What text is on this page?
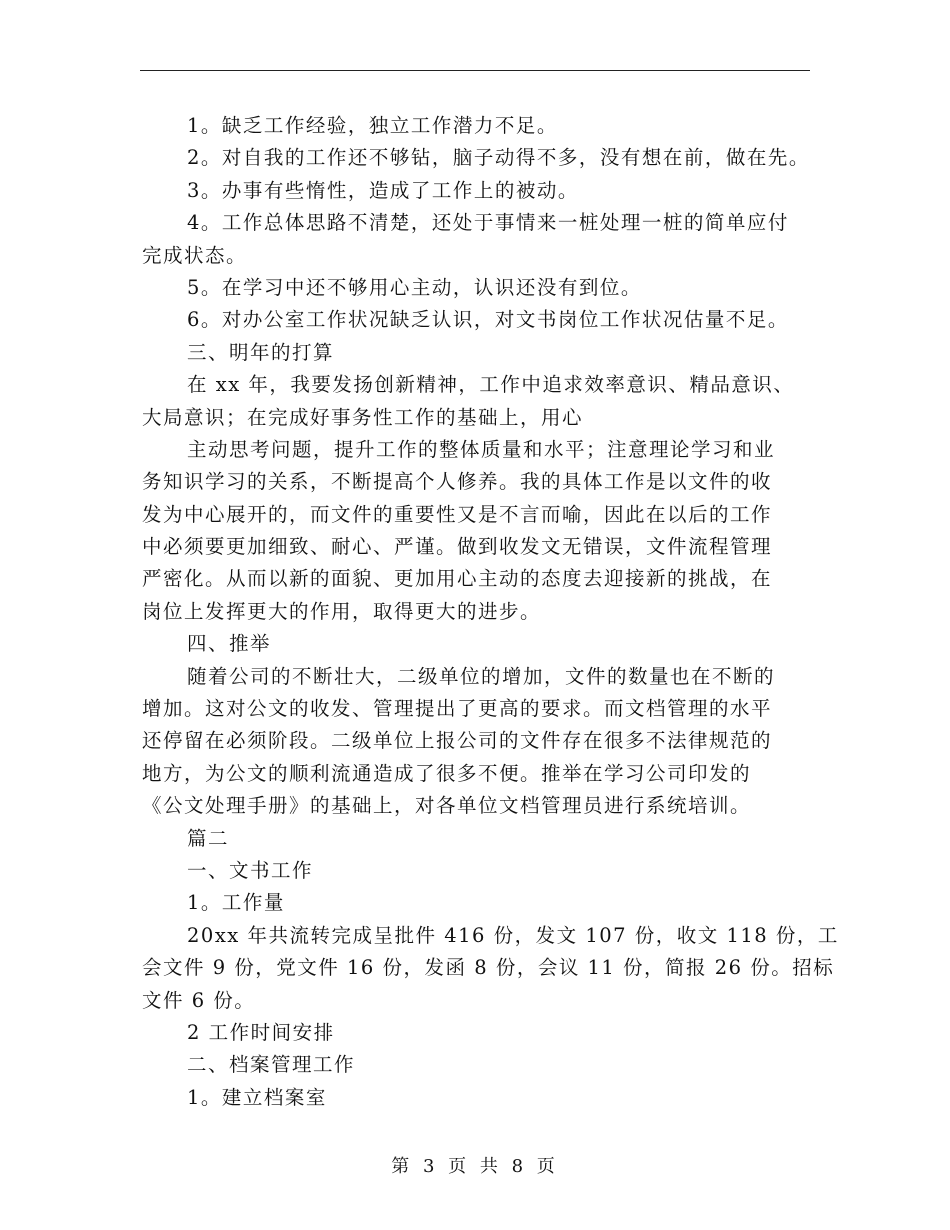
1。缺乏工作经验，独立工作潜力不足。
2。对自我的工作还不够钻，脑子动得不多，没有想在前，做在先。
3。办事有些惰性，造成了工作上的被动。
4。工作总体思路不清楚，还处于事情来一桩处理一桩的简单应付
完成状态。
5。在学习中还不够用心主动，认识还没有到位。
6。对办公室工作状况缺乏认识，对文书岗位工作状况估量不足。
三、明年的打算
在 xx 年，我要发扬创新精神，工作中追求效率意识、精品意识、
大局意识；在完成好事务性工作的基础上，用心
主动思考问题，提升工作的整体质量和水平；注意理论学习和业
务知识学习的关系，不断提高个人修养。我的具体工作是以文件的收
发为中心展开的，而文件的重要性又是不言而喻，因此在以后的工作
中必须要更加细致、耐心、严谨。做到收发文无错误，文件流程管理
严密化。从而以新的面貌、更加用心主动的态度去迎接新的挑战，在
岗位上发挥更大的作用，取得更大的进步。
四、推举
随着公司的不断壮大，二级单位的增加，文件的数量也在不断的
增加。这对公文的收发、管理提出了更高的要求。而文档管理的水平
还停留在必须阶段。二级单位上报公司的文件存在很多不法律规范的
地方，为公文的顺利流通造成了很多不便。推举在学习公司印发的
《公文处理手册》的基础上，对各单位文档管理员进行系统培训。
篇二
一、文书工作
1。工作量
20xx 年共流转完成呈批件 416 份，发文 107 份，收文 118 份，工
会文件 9 份，党文件 16 份，发函 8 份，会议 11 份，简报 26 份。招标
文件 6 份。
2 工作时间安排
二、档案管理工作
1。建立档案室
第 3 页 共 8 页
